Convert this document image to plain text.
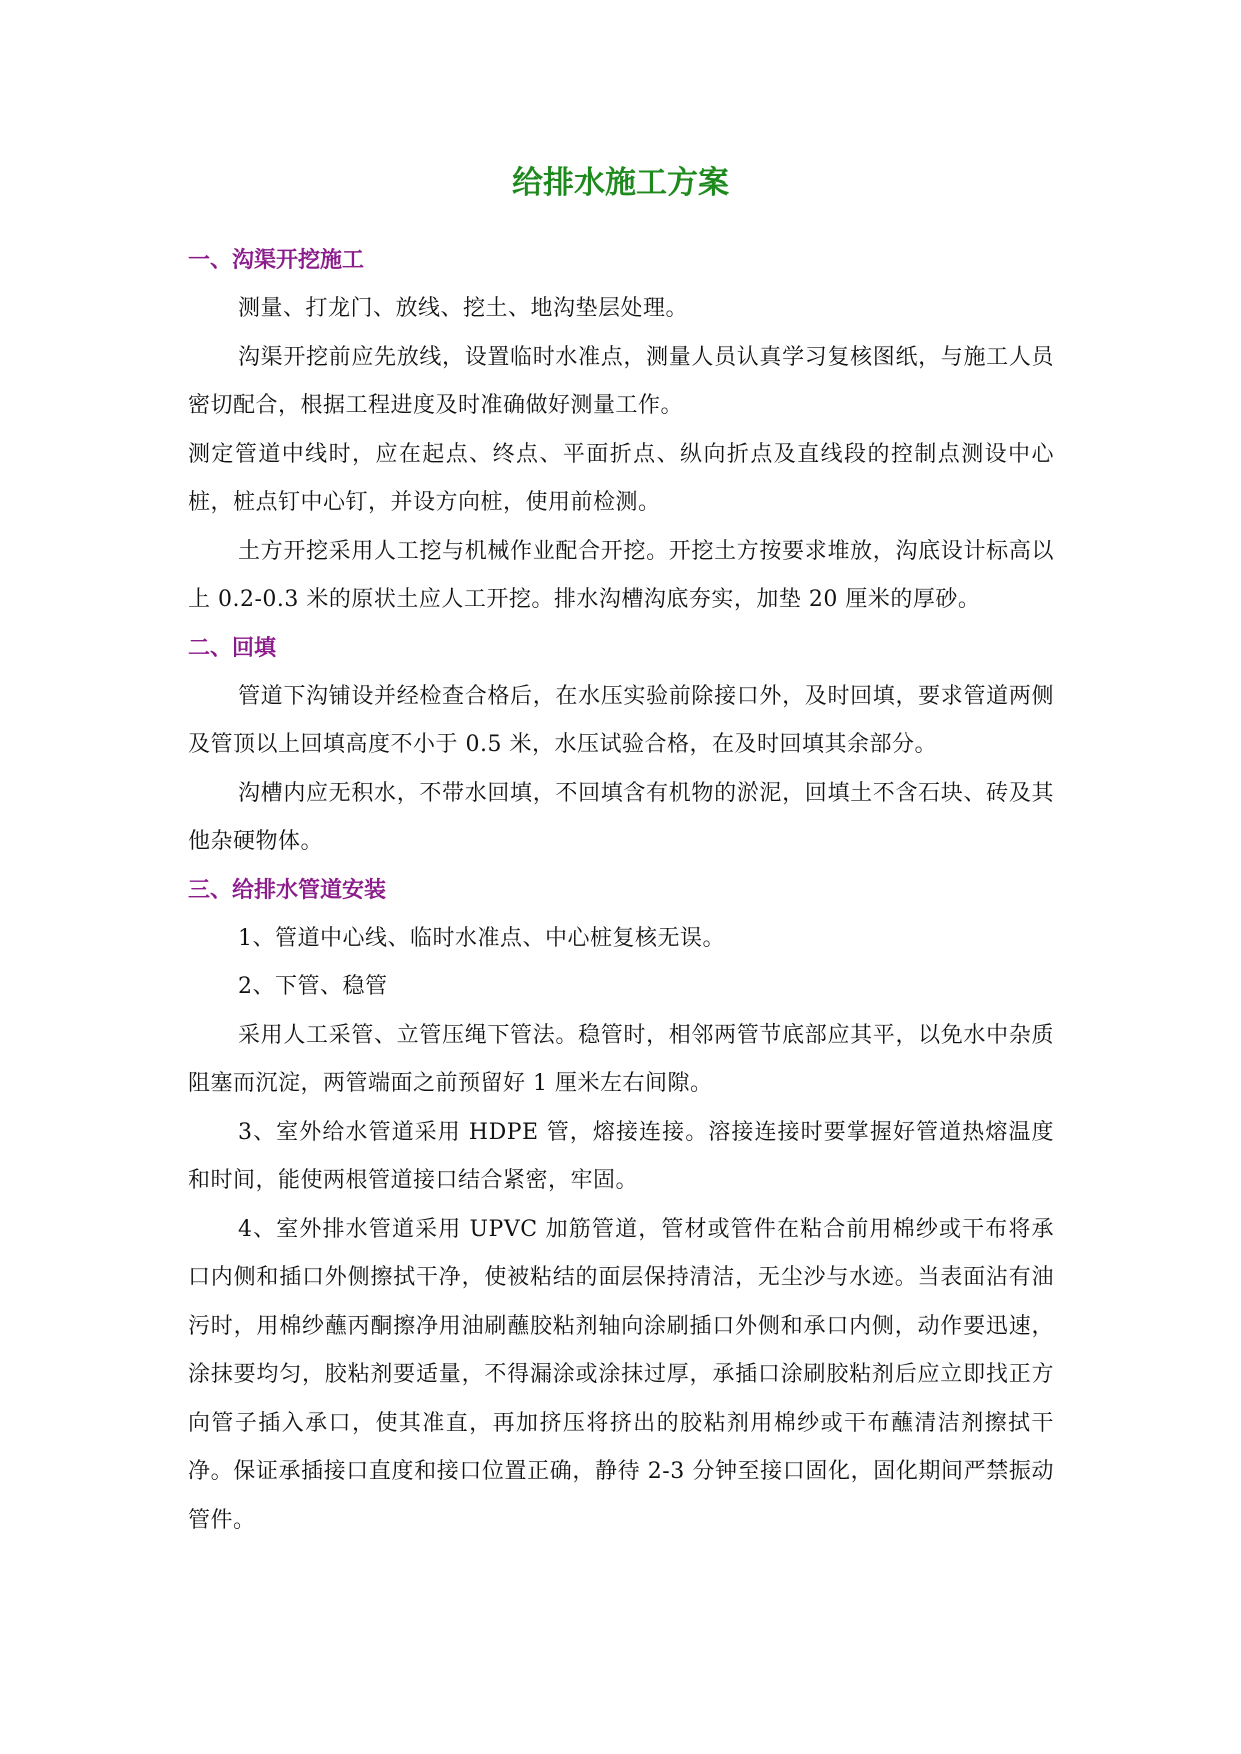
给排水施工方案
一、沟渠开挖施工

测量、打龙门、放线、挖土、地沟垫层处理。

沟渠开挖前应先放线，设置临时水准点，测量人员认真学习复核图纸，与施工人员密切配合，根据工程进度及时准确做好测量工作。

测定管道中线时，应在起点、终点、平面折点、纵向折点及直线段的控制点测设中心桩，桩点钉中心钉，并设方向桩，使用前检测。

土方开挖采用人工挖与机械作业配合开挖。开挖土方按要求堆放，沟底设计标高以上 0.2-0.3 米的原状土应人工开挖。排水沟槽沟底夯实，加垫 20 厘米的厚砂。

二、回填

管道下沟铺设并经检查合格后，在水压实验前除接口外，及时回填，要求管道两侧及管顶以上回填高度不小于 0.5 米，水压试验合格，在及时回填其余部分。

沟槽内应无积水，不带水回填，不回填含有机物的淤泥，回填土不含石块、砖及其他杂硬物体。

三、给排水管道安装

1、管道中心线、临时水准点、中心桩复核无误。

2、下管、稳管

采用人工采管、立管压绳下管法。稳管时，相邻两管节底部应其平，以免水中杂质阻塞而沉淀，两管端面之前预留好 1 厘米左右间隙。

3、室外给水管道采用 HDPE 管，熔接连接。溶接连接时要掌握好管道热熔温度和时间，能使两根管道接口结合紧密，牢固。

4、室外排水管道采用 UPVC 加筋管道，管材或管件在粘合前用棉纱或干布将承口内侧和插口外侧擦拭干净，使被粘结的面层保持清洁，无尘沙与水迹。当表面沾有油污时，用棉纱蘸丙酮擦净用油刷蘸胶粘剂轴向涂刷插口外侧和承口内侧，动作要迅速，涂抹要均匀，胶粘剂要适量，不得漏涂或涂抹过厚，承插口涂刷胶粘剂后应立即找正方向管子插入承口，使其准直，再加挤压将挤出的胶粘剂用棉纱或干布蘸清洁剂擦拭干净。保证承插接口直度和接口位置正确，静待 2-3 分钟至接口固化，固化期间严禁振动管件。
